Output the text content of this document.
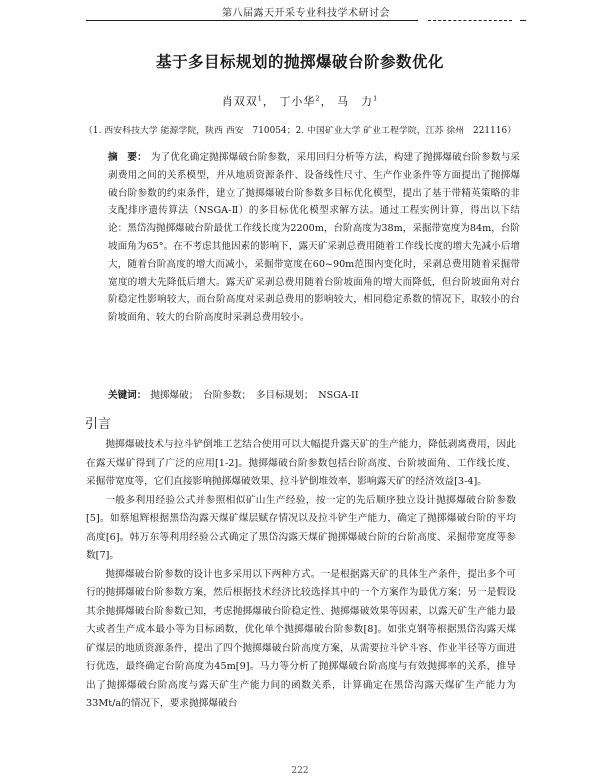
第八届露天开采专业科技学术研讨会
基于多目标规划的抛掷爆破台阶参数优化
肖双双$^1$， 丁小华$^2$， 马　力$^1$
（1. 西安科技大学 能源学院，陕西 西安　710054；2. 中国矿业大学 矿业工程学院，江苏 徐州　221116）
摘　要： 为了优化确定抛掷爆破台阶参数，采用回归分析等方法，构建了抛掷爆破台阶参数与采剥费用之间的关系模型，并从地质资源条件、设备线性尺寸、生产作业条件等方面提出了抛掷爆破台阶参数的约束条件，建立了抛掷爆破台阶参数多目标优化模型，提出了基于带精英策略的非支配排序遗传算法（NSGA-Ⅱ）的多目标优化模型求解方法。通过工程实例计算，得出以下结论：黑岱沟抛掷爆破台阶最优工作线长度为2200m，台阶高度为38m，采掘带宽度为84m，台阶坡面角为65°。在不考虑其他因素的影响下，露天矿采剥总费用随着工作线长度的增大先减小后增大，随着台阶高度的增大而减小，采掘带宽度在60~90m范围内变化时，采剥总费用随着采掘带宽度的增大先降低后增大。露天矿采剥总费用随着台阶坡面角的增大而降低，但台阶坡面角对台阶稳定性影响较大，而台阶高度对采剥总费用的影响较大，相同稳定系数的情况下，取较小的台阶坡面角、较大的台阶高度时采剥总费用较小。
关键词： 抛掷爆破；　台阶参数；　多目标规划；　NSGA-II
引言

抛掷爆破技术与拉斗铲倒堆工艺结合使用可以大幅提升露天矿的生产能力，降低剥离费用，因此在露天煤矿得到了广泛的应用[1-2]。抛掷爆破台阶参数包括台阶高度、台阶坡面角、工作线长度、采掘带宽度等，它们直接影响抛掷爆破效果、拉斗铲倒堆效率，影响露天矿的经济效益[3-4]。

一般多利用经验公式并参照相似矿山生产经验，按一定的先后顺序独立设计抛掷爆破台阶参数[5]。如蔡旭辉根据黑岱沟露天煤矿煤层赋存情况以及拉斗铲生产能力，确定了抛掷爆破台阶的平均高度[6]。韩万东等利用经验公式确定了黑岱沟露天煤矿抛掷爆破台阶的台阶高度、采掘带宽度等参数[7]。

抛掷爆破台阶参数的设计也多采用以下两种方式。一是根据露天矿的具体生产条件，提出多个可行的抛掷爆破台阶参数方案，然后根据技术经济比较选择其中的一个方案作为最优方案；另一是假设其余抛掷爆破台阶参数已知，考虑抛掷爆破台阶稳定性、抛掷爆破效果等因素，以露天矿生产能力最大或者生产成本最小等为目标函数，优化单个抛掷爆破台阶参数[8]。如张克钢等根据黑岱沟露天煤矿煤层的地质资源条件，提出了四个抛掷爆破台阶高度方案，从需要拉斗铲斗容、作业半径等方面进行优选，最终确定台阶高度为45m[9]。马力等分析了抛掷爆破台阶高度与有效抛掷率的关系，推导出了抛掷爆破台阶高度与露天矿生产能力间的函数关系，计算确定在黑岱沟露天煤矿生产能力为33Mt/a的情况下，要求抛掷爆破台

222
